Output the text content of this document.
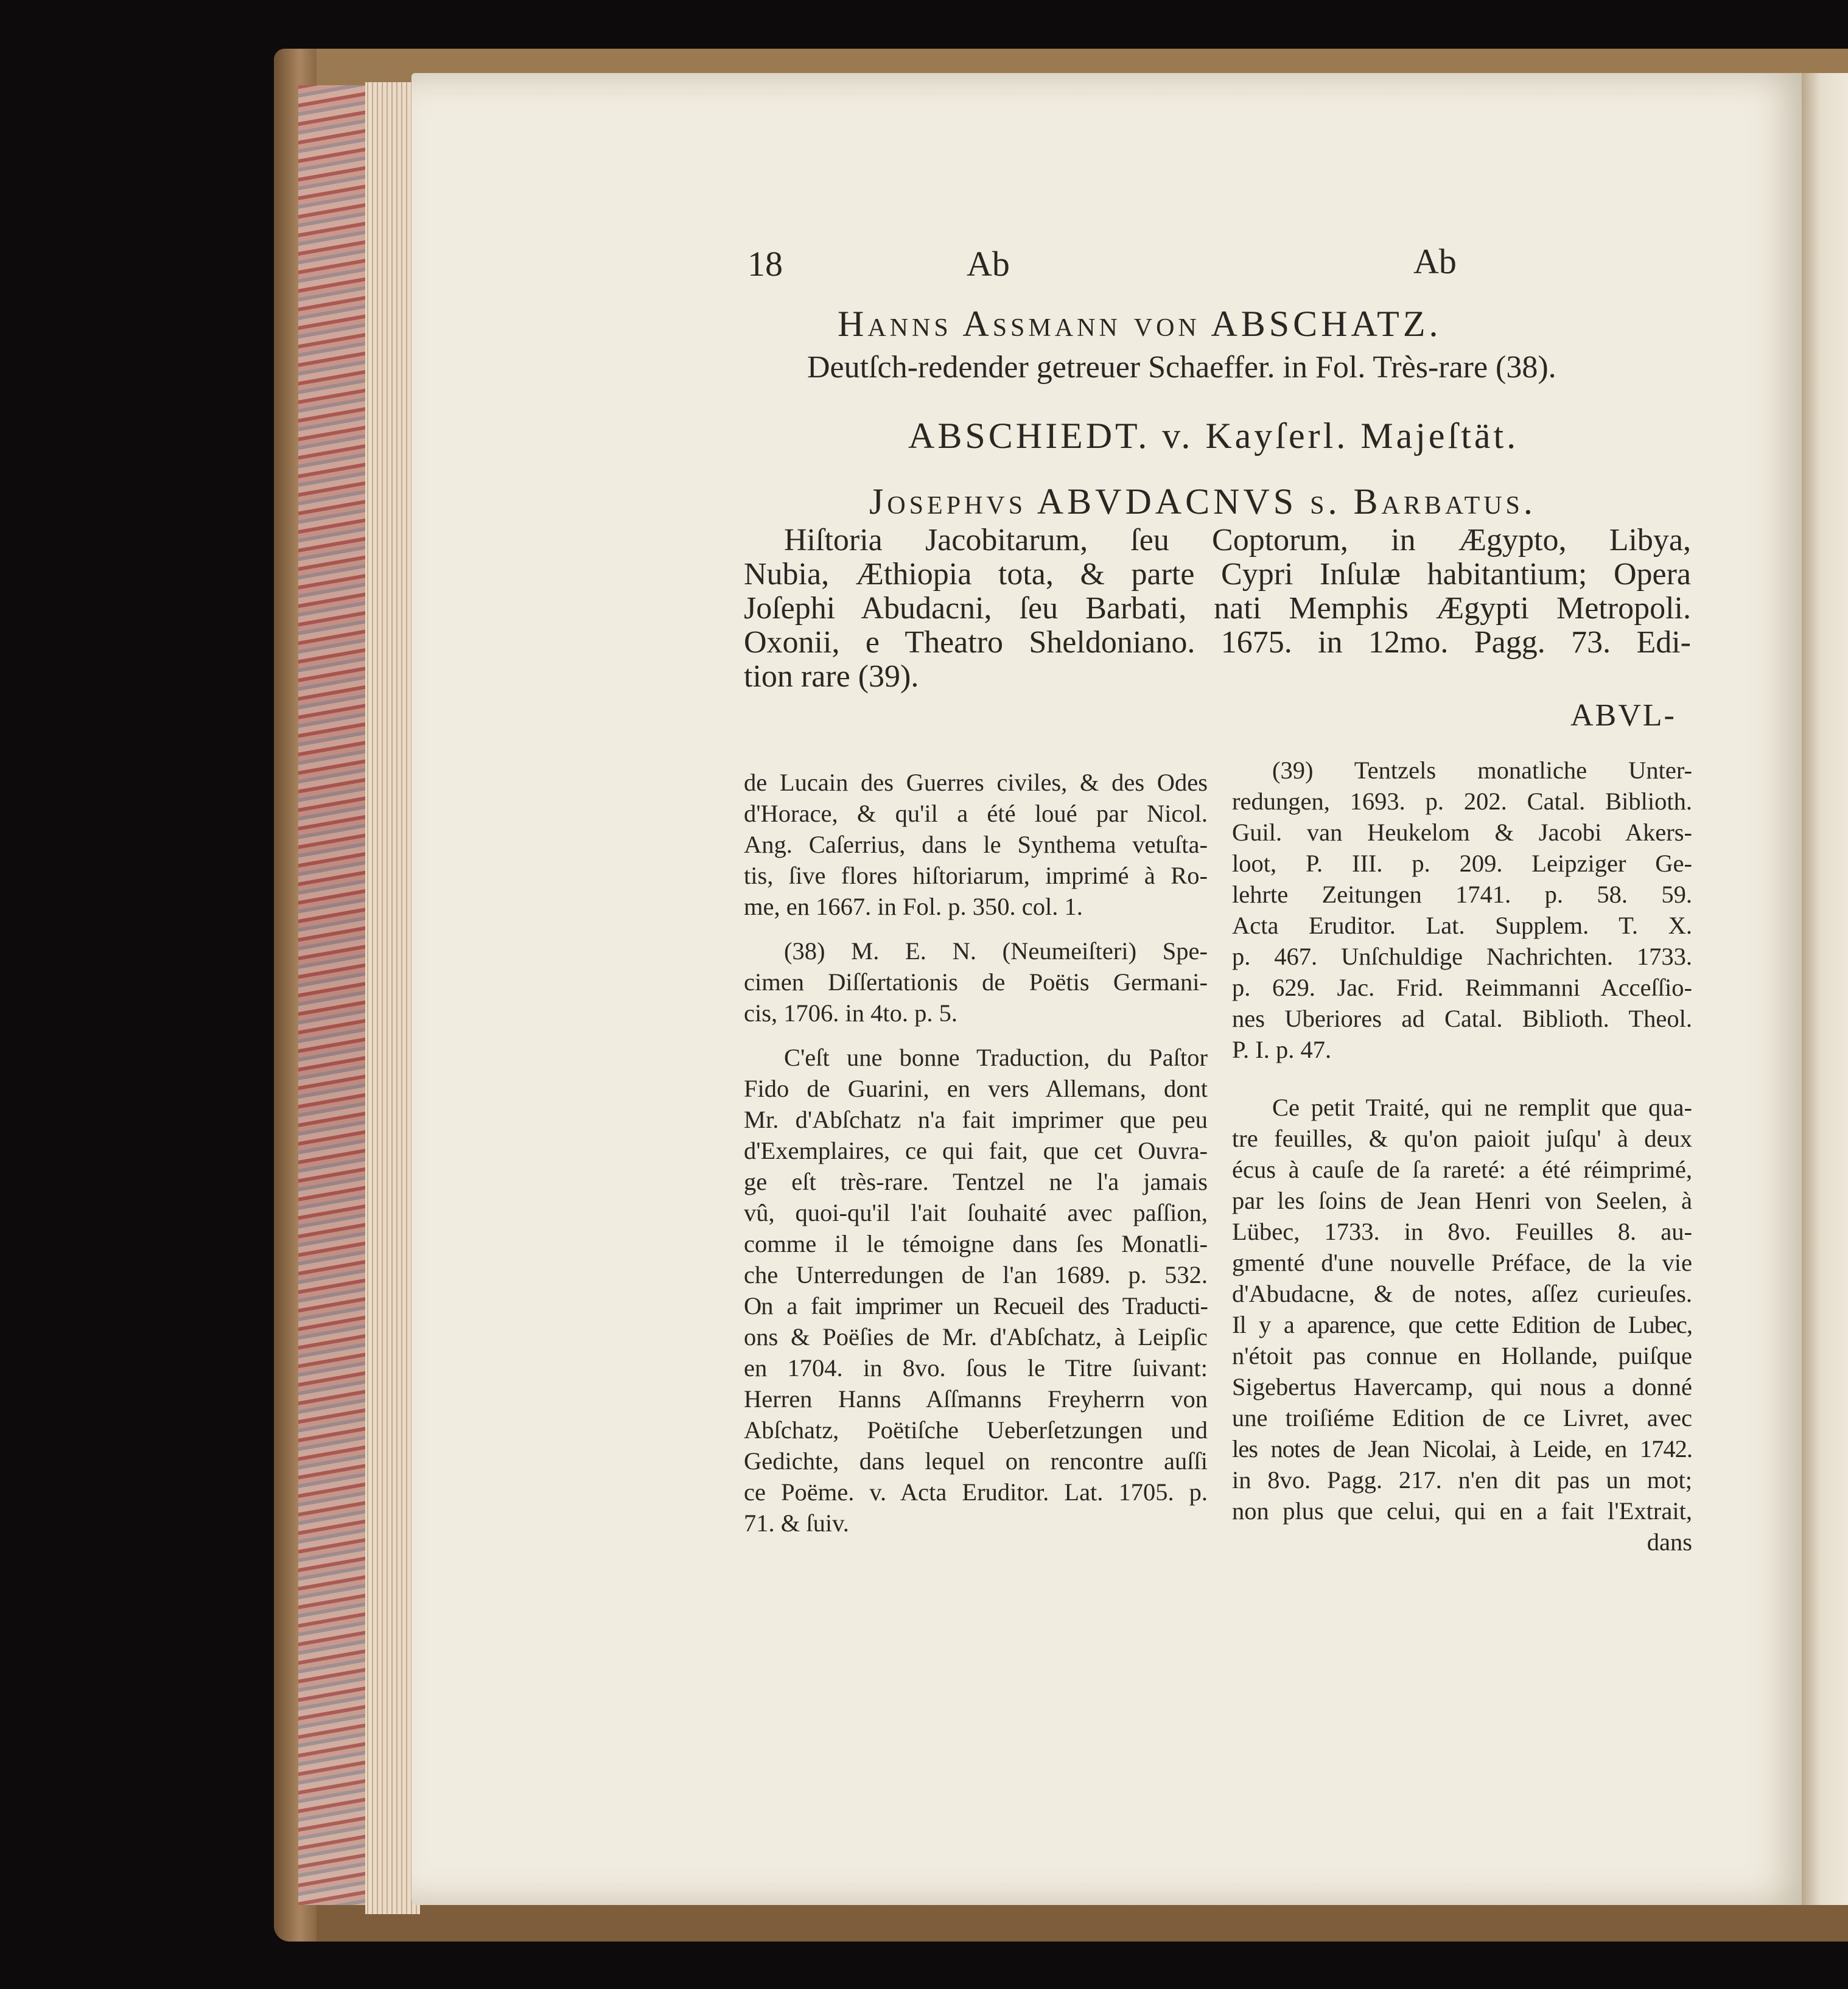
18	Ab	Ab
Hanns Assmann von ABSCHATZ.
Deutſch-redender getreuer Schaeffer. in Fol. Très-rare (38).
ABSCHIEDT. v. Kayſerl. Majeſtät.
Josephvs ABVDACNVS ſ. Barbatus.
Hiſtoria Jacobitarum, ſeu Coptorum, in Ægypto, Libya,
Nubia, Æthiopia tota, & parte Cypri Inſulæ habitantium; Opera
Joſephi Abudacni, ſeu Barbati, nati Memphis Ægypti Metropoli.
Oxonii, e Theatro Sheldoniano. 1675. in 12mo. Pagg. 73. Edi-
tion rare (39).
ABVL-

de Lucain des Guerres civiles, & des Odes

d'Horace, & qu'il a été loué par Nicol.

Ang. Caſerrius, dans le Synthema vetuſta-

tis, ſive flores hiſtoriarum, imprimé à Ro-

me, en 1667. in Fol. p. 350. col. 1.

(38) M. E. N. (Neumeiſteri) Spe-

cimen Diſſertationis de Poëtis Germani-

cis, 1706. in 4to. p. 5.

C'eſt une bonne Traduction, du Paſtor

Fido de Guarini, en vers Allemans, dont

Mr. d'Abſchatz n'a fait imprimer que peu

d'Exemplaires, ce qui fait, que cet Ouvra-

ge eſt très-rare. Tentzel ne l'a jamais

vû, quoi-qu'il l'ait ſouhaité avec paſſion,

comme il le témoigne dans ſes Monatli-

che Unterredungen de l'an 1689. p. 532.

On a fait imprimer un Recueil des Traducti-

ons & Poëſies de Mr. d'Abſchatz, à Leipſic

en 1704. in 8vo. ſous le Titre ſuivant:

Herren Hanns Aſſmanns Freyherrn von

Abſchatz, Poëtiſche Ueberſetzungen und

Gedichte, dans lequel on rencontre auſſi

ce Poëme. v. Acta Eruditor. Lat. 1705. p.

71. & ſuiv.

(39) Tentzels monatliche Unter-

redungen, 1693. p. 202. Catal. Biblioth.

Guil. van Heukelom & Jacobi Akers-

loot, P. III. p. 209. Leipziger Ge-

lehrte Zeitungen 1741. p. 58. 59.

Acta Eruditor. Lat. Supplem. T. X.

p. 467. Unſchuldige Nachrichten. 1733.

p. 629. Jac. Frid. Reimmanni Acceſſio-

nes Uberiores ad Catal. Biblioth. Theol.

P. I. p. 47.

Ce petit Traité, qui ne remplit que qua-

tre feuilles, & qu'on paioit juſqu' à deux

écus à cauſe de ſa rareté: a été réimprimé,

par les ſoins de Jean Henri von Seelen, à

Lübec, 1733. in 8vo. Feuilles 8. au-

gmenté d'une nouvelle Préface, de la vie

d'Abudacne, & de notes, aſſez curieuſes.

Il y a aparence, que cette Edition de Lubec,

n'étoit pas connue en Hollande, puiſque

Sigebertus Havercamp, qui nous a donné

une troiſiéme Edition de ce Livret, avec

les notes de Jean Nicolai, à Leide, en 1742.

in 8vo. Pagg. 217. n'en dit pas un mot;

non plus que celui, qui en a fait l'Extrait,

dans
